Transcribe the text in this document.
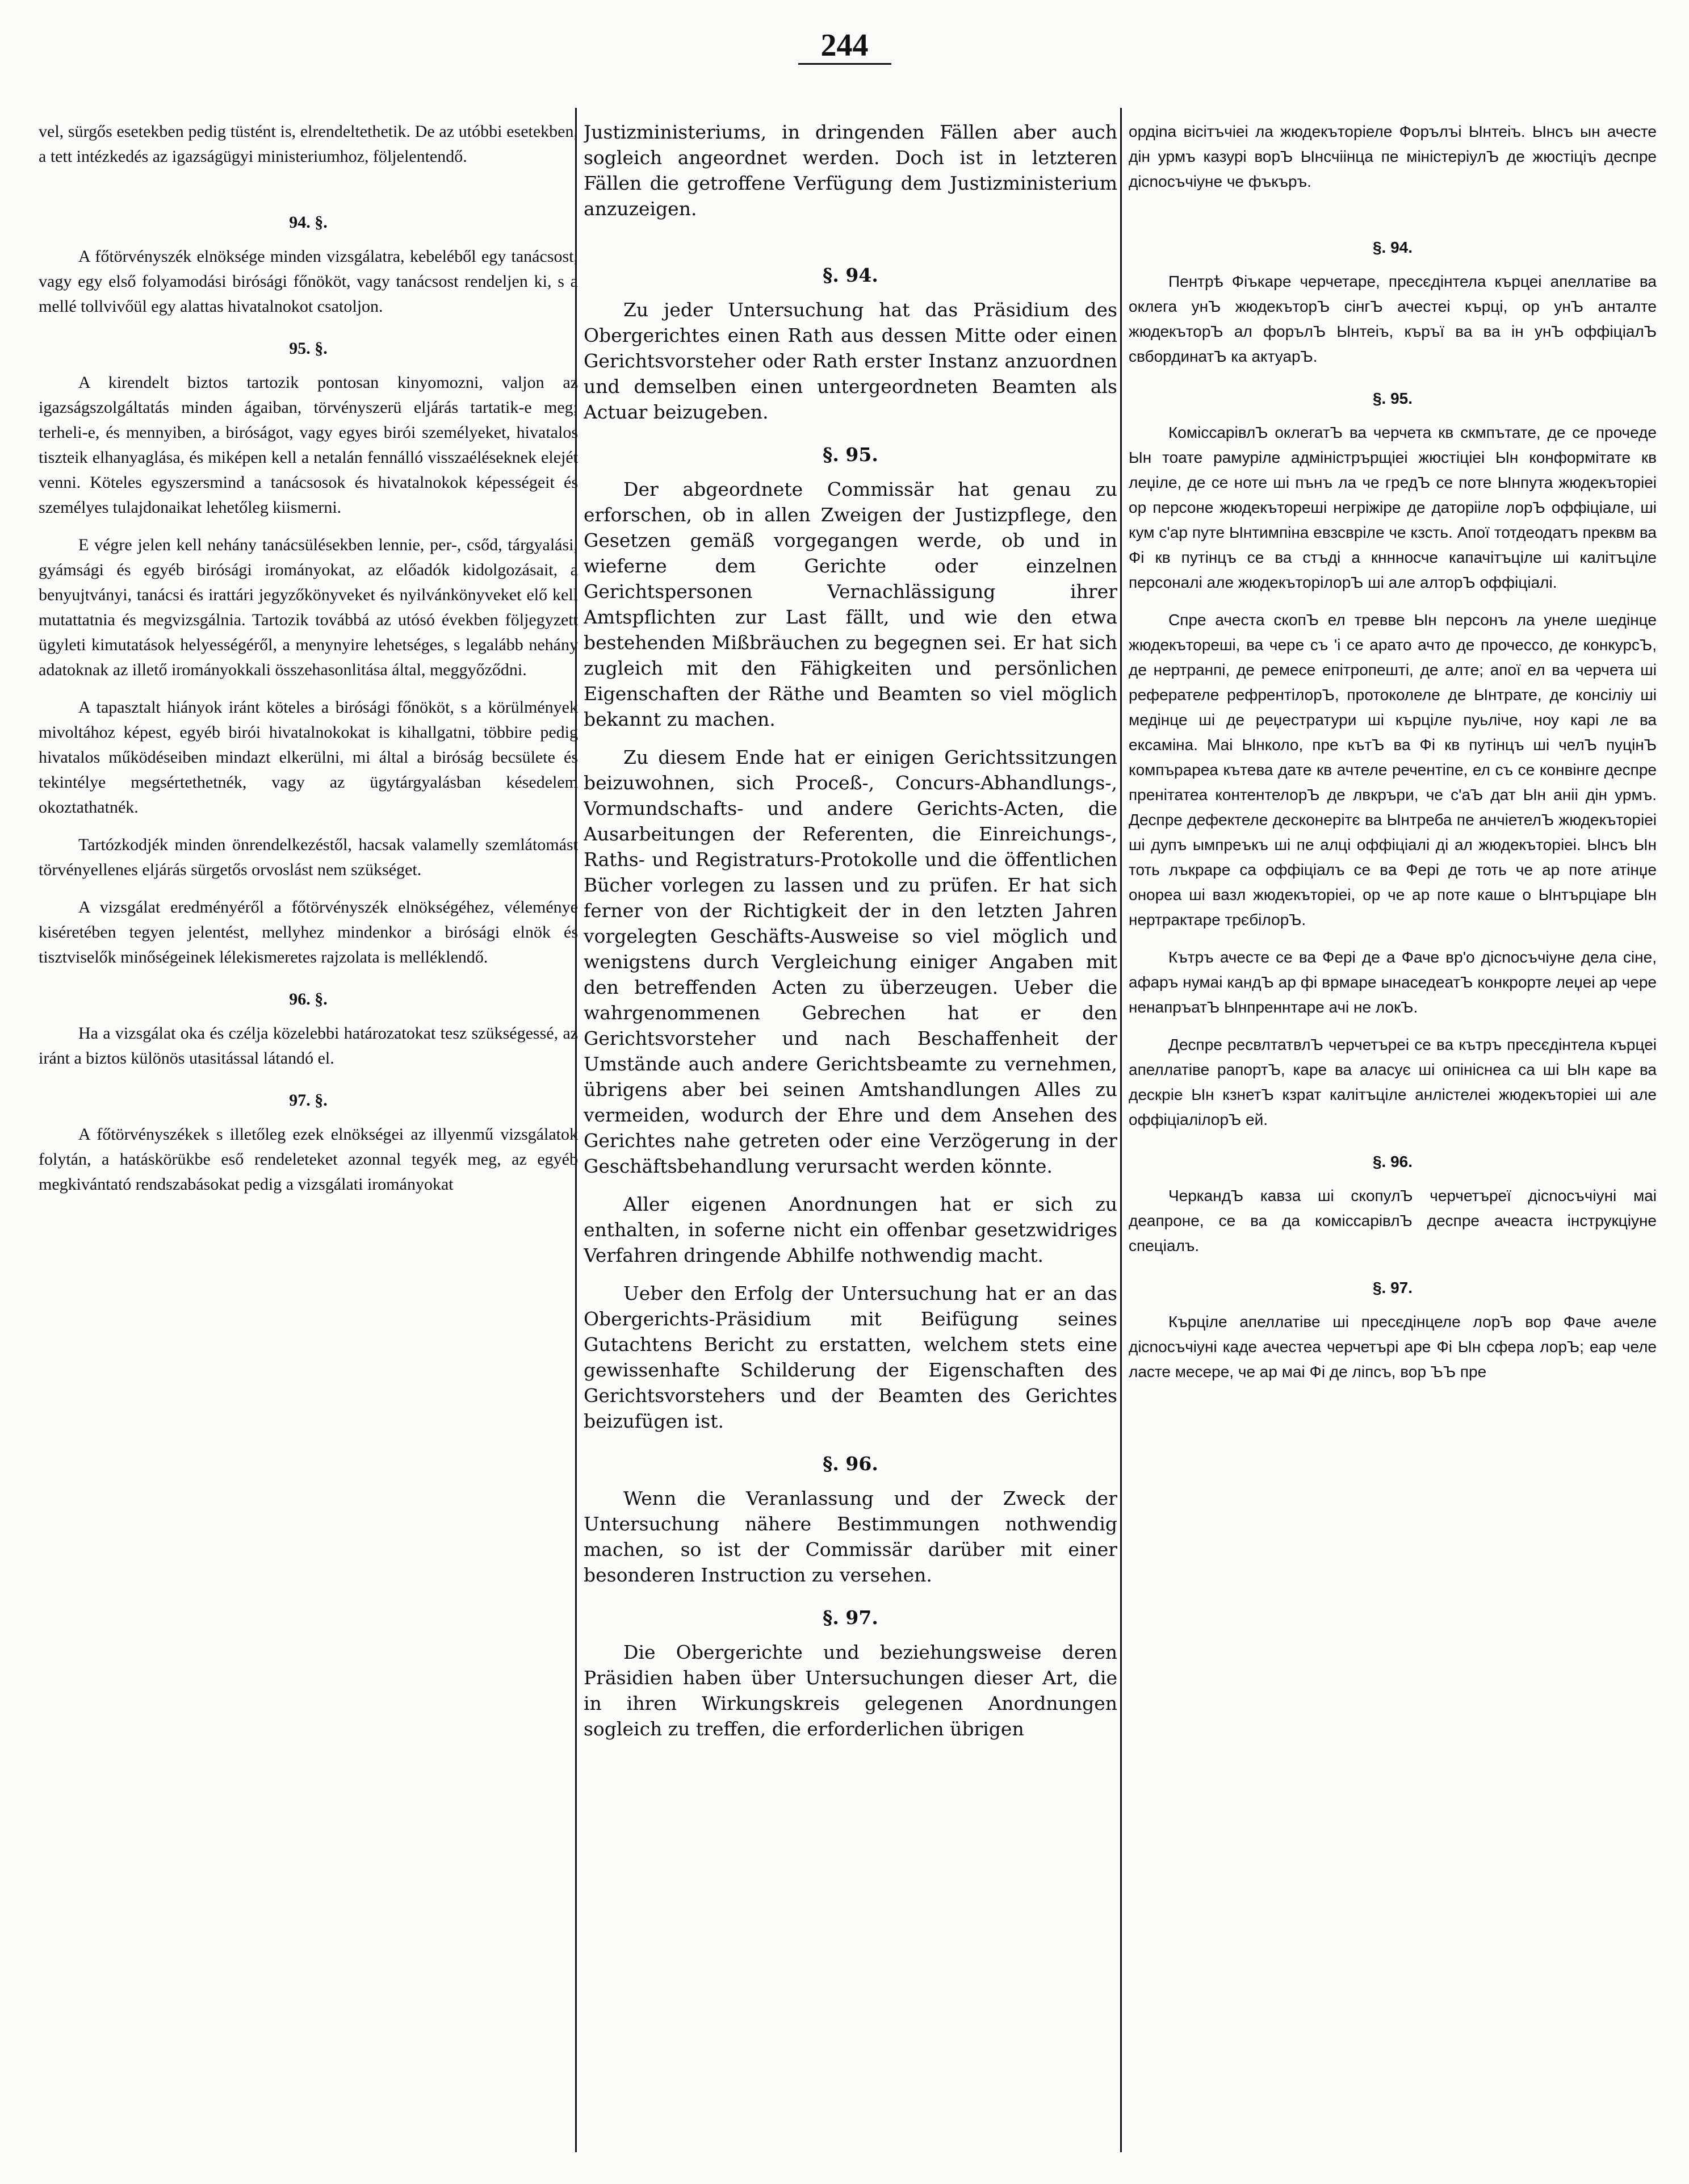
244

vel, sürgős esetekben pedig tüstént is, elrendeltethetik. De az utóbbi esetekben, a tett intézkedés az igazságügyi ministeriumhoz, följelentendő.

94. §.

A főtörvényszék elnöksége minden vizsgálatra, kebeléből egy tanácsost, vagy egy első folyamodási birósági főnököt, vagy tanácsost rendeljen ki, s a mellé tollvivőül egy alattas hivatalnokot csatoljon.

95. §.

A kirendelt biztos tartozik pontosan kinyomozni, valjon az igazságszolgáltatás minden ágaiban, törvényszerü eljárás tartatik-e meg; terheli-e, és mennyiben, a biróságot, vagy egyes birói személyeket, hivatalos tiszteik elhanyaglása, és miképen kell a netalán fennálló visszaéléseknek elejét venni. Köteles egyszersmind a tanácsosok és hivatalnokok képességeit és személyes tulajdonaikat lehetőleg kiismerni.

E végre jelen kell nehány tanácsülésekben lennie, per-, csőd, tárgyalási, gyámsági és egyéb birósági irományokat, az előadók kidolgozásait, a benyujtványi, tanácsi és irattári jegyzőkönyveket és nyilvánkönyveket elő kell mutattatnia és megvizsgálnia. Tartozik továbbá az utósó években följegyzett ügyleti kimutatások helyességéről, a menynyire lehetséges, s legalább nehány adatoknak az illető irományokkali összehasonlitása által, meggyőződni.

A tapasztalt hiányok iránt köteles a birósági főnököt, s a körülmények mivoltához képest, egyéb birói hivatalnokokat is kihallgatni, többire pedig hivatalos működéseiben mindazt elkerülni, mi által a biróság becsülete és tekintélye megsértethetnék, vagy az ügytárgyalásban késedelem okoztathatnék.

Tartózkodjék minden önrendelkezéstől, hacsak valamelly szemlátomást törvényellenes eljárás sürgetős orvoslást nem szükséget.

A vizsgálat eredményéről a főtörvényszék elnökségéhez, véleménye kiséretében tegyen jelentést, mellyhez mindenkor a birósági elnök és tisztviselők minőségeinek lélekismeretes rajzolata is melléklendő.

96. §.

Ha a vizsgálat oka és czélja közelebbi határozatokat tesz szükségessé, az iránt a biztos különös utasitással látandó el.

97. §.

A főtörvényszékek s illetőleg ezek elnökségei az illyenmű vizsgálatok folytán, a hatáskörükbe eső rendeleteket azonnal tegyék meg, az egyéb megkivántató rendszabásokat pedig a vizsgálati irományokat

Justizministeriums, in dringenden Fällen aber auch sogleich angeordnet werden. Doch ist in letzteren Fällen die getroffene Verfügung dem Justizministerium anzuzeigen.

§. 94.

Zu jeder Untersuchung hat das Präsidium des Obergerichtes einen Rath aus dessen Mitte oder einen Gerichtsvorsteher oder Rath erster Instanz anzuordnen und demselben einen untergeordneten Beamten als Actuar beizugeben.

§. 95.

Der abgeordnete Commissär hat genau zu erforschen, ob in allen Zweigen der Justizpflege, den Gesetzen gemäß vorgegangen werde, ob und in wieferne dem Gerichte oder einzelnen Gerichtspersonen Vernachlässigung ihrer Amtspflichten zur Last fällt, und wie den etwa bestehenden Mißbräuchen zu begegnen sei. Er hat sich zugleich mit den Fähigkeiten und persönlichen Eigenschaften der Räthe und Beamten so viel möglich bekannt zu machen.

Zu diesem Ende hat er einigen Gerichtssitzungen beizuwohnen, sich Proceß-, Concurs-Abhandlungs-, Vormundschafts- und andere Gerichts-Acten, die Ausarbeitungen der Referenten, die Einreichungs-, Raths- und Registraturs-Protokolle und die öffentlichen Bücher vorlegen zu lassen und zu prüfen. Er hat sich ferner von der Richtigkeit der in den letzten Jahren vorgelegten Geschäfts-Ausweise so viel möglich und wenigstens durch Vergleichung einiger Angaben mit den betreffenden Acten zu überzeugen. Ueber die wahrgenommenen Gebrechen hat er den Gerichtsvorsteher und nach Beschaffenheit der Umstände auch andere Gerichtsbeamte zu vernehmen, übrigens aber bei seinen Amtshandlungen Alles zu vermeiden, wodurch der Ehre und dem Ansehen des Gerichtes nahe getreten oder eine Verzögerung in der Geschäftsbehandlung verursacht werden könnte.

Aller eigenen Anordnungen hat er sich zu enthalten, in soferne nicht ein offenbar gesetzwidriges Verfahren dringende Abhilfe nothwendig macht.

Ueber den Erfolg der Untersuchung hat er an das Obergerichts-Präsidium mit Beifügung seines Gutachtens Bericht zu erstatten, welchem stets eine gewissenhafte Schilderung der Eigenschaften des Gerichtsvorstehers und der Beamten des Gerichtes beizufügen ist.

§. 96.

Wenn die Veranlassung und der Zweck der Untersuchung nähere Bestimmungen nothwendig machen, so ist der Commissär darüber mit einer besonderen Instruction zu versehen.

§. 97.

Die Obergerichte und beziehungsweise deren Präsidien haben über Untersuchungen dieser Art, die in ihren Wirkungskreis gelegenen Anordnungen sogleich zu treffen, die erforderlichen übrigen

ордina вісітъчіеі ла жюдекъторіеле Форълъі Ынтеіъ. Ынсъ ын ачесте дін урмъ казурі ворЪ Ынсчіінца пе міністеріулЪ де жюстіціъ деспре дісnосъчіуне че фъкъръ.

§. 94.

Пентрѣ Фіъкаре черчетаре, пресєдінтела кърцеі апеллатіве ва оклега унЪ жюдекъторЪ сінгЪ ачестеі кърці, ор унЪ анталте жюдекъторЪ ал форълЪ Ынтеіъ, къръї ва ва ін унЪ оффіціалЪ свбординатЪ ка актуарЪ.

§. 95.

КоміссарівлЪ оклегатЪ ва черчета кв скмпътате, де се прочеде Ын тоате рамуріле адміністрърщіеі жюстіціеі Ын конформітате кв леџіле, де се ноте ші пънъ ла че гредЪ се поте Ынпута жюдекъторіеі ор персоне жюдекътореші негріжіре де даторііле лорЪ оффіціале, ші кум с'ар путе Ынтимпіна евзсвріле че кзсть. Апої тотдеодатъ преквм ва Фі кв путінцъ се ва стъді а кннносче капачітъціле ші калітъціле персоналі але жюдекъторілорЪ ші але алторЪ оффіціалі.

Спре ачеста скопЪ ел тревве Ын персонъ ла унеле шедінце жюдекътореші, ва чере съ 'і се арато ачто де прочессо, де конкурсЪ, де нертранпі, де ремесе епітропешті, де алте; апої ел ва черчета ші реферателе рефрентілорЪ, протоколеле де Ынтрате, де консіліу ші медінце ші де реџестратури ші кърціле пуьліче, ноу карі ле ва ексаміна. Маі Ынколо, пре кътЪ ва Фі кв путінцъ ші челЪ пуцінЪ компърареа кътева дате кв ачтеле речентіпе, ел съ се конвінге деспре пренітатеа контентелорЪ де лвкръри, че с'аЪ дат Ын аніі дін урмъ. Деспре дефектеле десконерітє ва Ынтреба пе анчіетелЪ жюдекъторіеі ші дупъ ымпреъкъ ші пе алці оффіціалі ді ал жюдекъторіеі. Ынсъ Ын тоть лъкраре са оффіціалъ се ва Фері де тоть че ар поте атінџе онореа ші вазл жюдекъторіеі, ор че ар поте каше о Ынтърціаре Ын нертрактаре трєбілорЪ.

Кътръ ачесте се ва Фері де а Фаче вр'о дісnосъчіуне дела сіне, афаръ нумаі кандЪ ар фі врмаре ынаседеатЪ конкрорте леџеі ар чере ненапръатЪ Ынпреннтаре ачі не локЪ.

Деспре ресвлтатвлЪ черчетъреі се ва кътръ пресєдінтела кърцеі апеллатіве рапортЪ, каре ва аласує ші опініснеа са ші Ын каре ва дескріе Ын кзнетЪ кзрат калітъціле анлістелеі жюдекъторіеі ші але оффіціалілорЪ ей.

§. 96.

ЧеркандЪ кавза ші скопулЪ черчетъреї дісnосъчіуні маі деапроне, се ва да коміссарівлЪ деспре ачеаста інструкціуне спеціалъ.

§. 97.

Кърціле апеллатіве ші пресєдінцеле лорЪ вор Фаче ачеле дісnосъчіуні каде ачестеа черчетърі аре Фі Ын сфера лорЪ; еар челе ласте месере, че ар маі Фі де ліпсъ, вор ЪЪ пре
